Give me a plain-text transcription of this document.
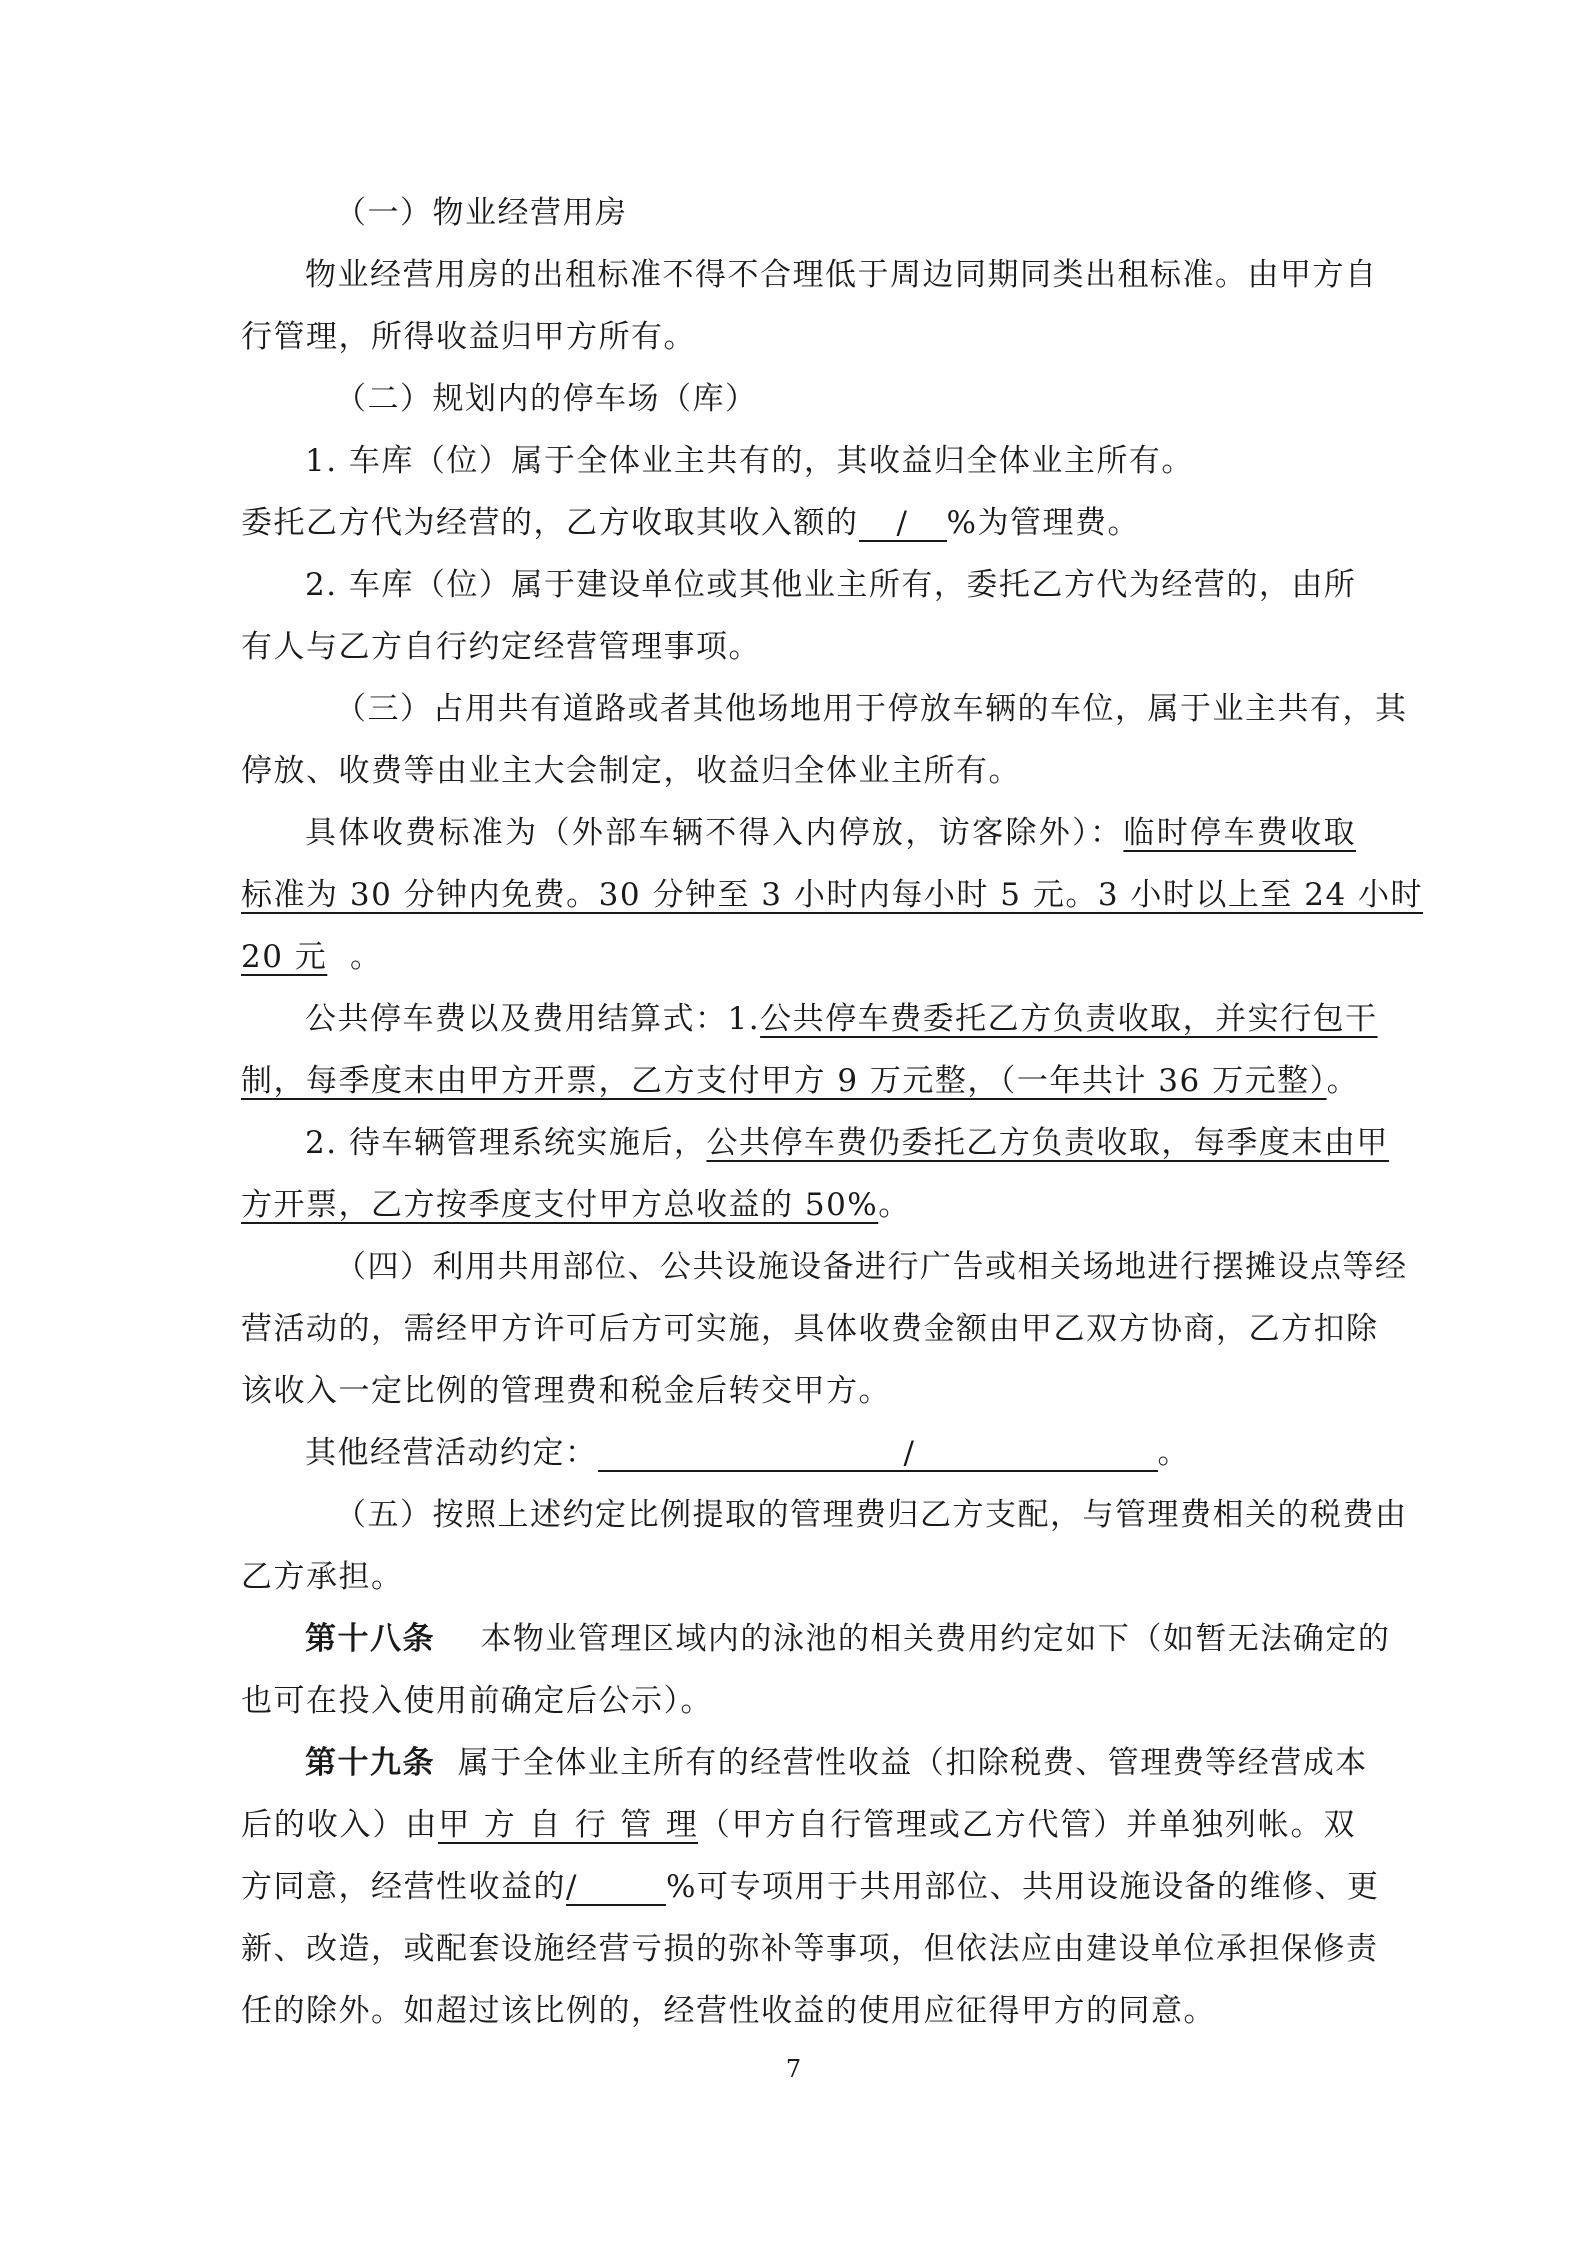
（一）物业经营用房

物业经营用房的出租标准不得不合理低于周边同期同类出租标准。由甲方自

行管理，所得收益归甲方所有。

（二）规划内的停车场（库）

1. 车库（位）属于全体业主共有的，其收益归全体业主所有。

委托乙方代为经营的，乙方收取其收入额的 / %为管理费。

2. 车库（位）属于建设单位或其他业主所有，委托乙方代为经营的，由所

有人与乙方自行约定经营管理事项。

（三）占用共有道路或者其他场地用于停放车辆的车位，属于业主共有，其

停放、收费等由业主大会制定，收益归全体业主所有。

具体收费标准为（外部车辆不得入内停放，访客除外）：临时停车费收取

标准为 30 分钟内免费。30 分钟至 3 小时内每小时 5 元。3 小时以上至 24 小时

20 元 。

公共停车费以及费用结算式：1.公共停车费委托乙方负责收取，并实行包干

制，每季度末由甲方开票，乙方支付甲方 9 万元整，（一年共计 36 万元整）。

2. 待车辆管理系统实施后，公共停车费仍委托乙方负责收取，每季度末由甲

方开票，乙方按季度支付甲方总收益的 50%。

（四）利用共用部位、公共设施设备进行广告或相关场地进行摆摊设点等经

营活动的，需经甲方许可后方可实施，具体收费金额由甲乙双方协商，乙方扣除

该收入一定比例的管理费和税金后转交甲方。

其他经营活动约定：	/	。

（五）按照上述约定比例提取的管理费归乙方支配，与管理费相关的税费由

乙方承担。

第十八条 本物业管理区域内的泳池的相关费用约定如下（如暂无法确定的

也可在投入使用前确定后公示）。

第十九条 属于全体业主所有的经营性收益（扣除税费、管理费等经营成本

后的收入）由甲方自行管理（甲方自行管理或乙方代管）并单独列帐。双

方同意，经营性收益的/	%可专项用于共用部位、共用设施设备的维修、更

新、改造，或配套设施经营亏损的弥补等事项，但依法应由建设单位承担保修责

任的除外。如超过该比例的，经营性收益的使用应征得甲方的同意。

7
